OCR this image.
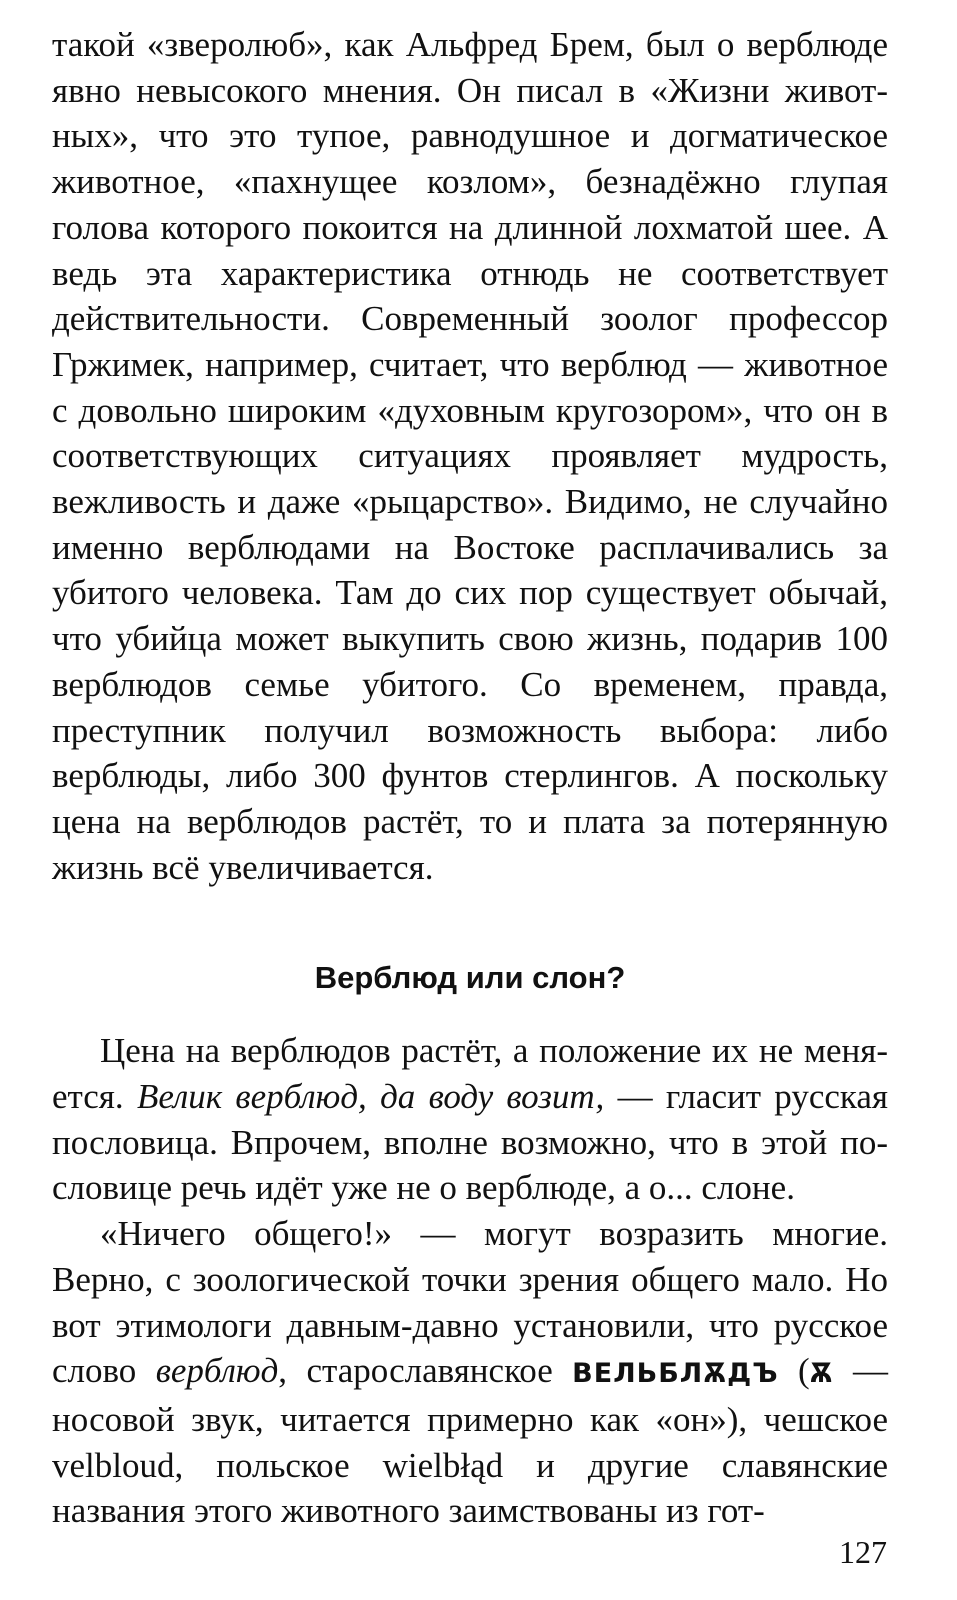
такой «зверолюб», как Альфред Брем, был о верблюде явно невысокого мнения. Он писал в «Жизни животных», что это тупое, равнодушное и догматическое животное, «пахнущее козлом», безнадёжно глупая голова которого покоится на длинной лохматой шее. А ведь эта характеристика отнюдь не соответствует действительности. Современный зоолог профессор Гржимек, например, считает, что верблюд — животное с довольно широким «духовным кругозором», что он в соответствующих ситуациях проявляет мудрость, вежливость и даже «рыцарство». Видимо, не случайно именно верблюдами на Востоке расплачивались за убитого человека. Там до сих пор существует обычай, что убийца может выкупить свою жизнь, подарив 100 верблюдов семье убитого. Со временем, правда, преступник получил возможность выбора: либо верблюды, либо 300 фунтов стерлингов. А поскольку цена на верблюдов растёт, то и плата за потерянную жизнь всё увеличивается.

Верблюд или слон?

Цена на верблюдов растёт, а положение их не меняется. Велик верблюд, да воду возит, — гласит русская пословица. Впрочем, вполне возможно, что в этой пословице речь идёт уже не о верблюде, а о... слоне.

«Ничего общего!» — могут возразить многие. Верно, с зоологической точки зрения общего мало. Но вот этимологи давным-давно установили, что русское слово верблюд, старославянское ВЕЛЬБЛѪДЪ (Ѫ — носовой звук, читается примерно как «он»), чешское velbloud, польское wielbłąd и другие славянские названия этого животного заимствованы из гот-

127
